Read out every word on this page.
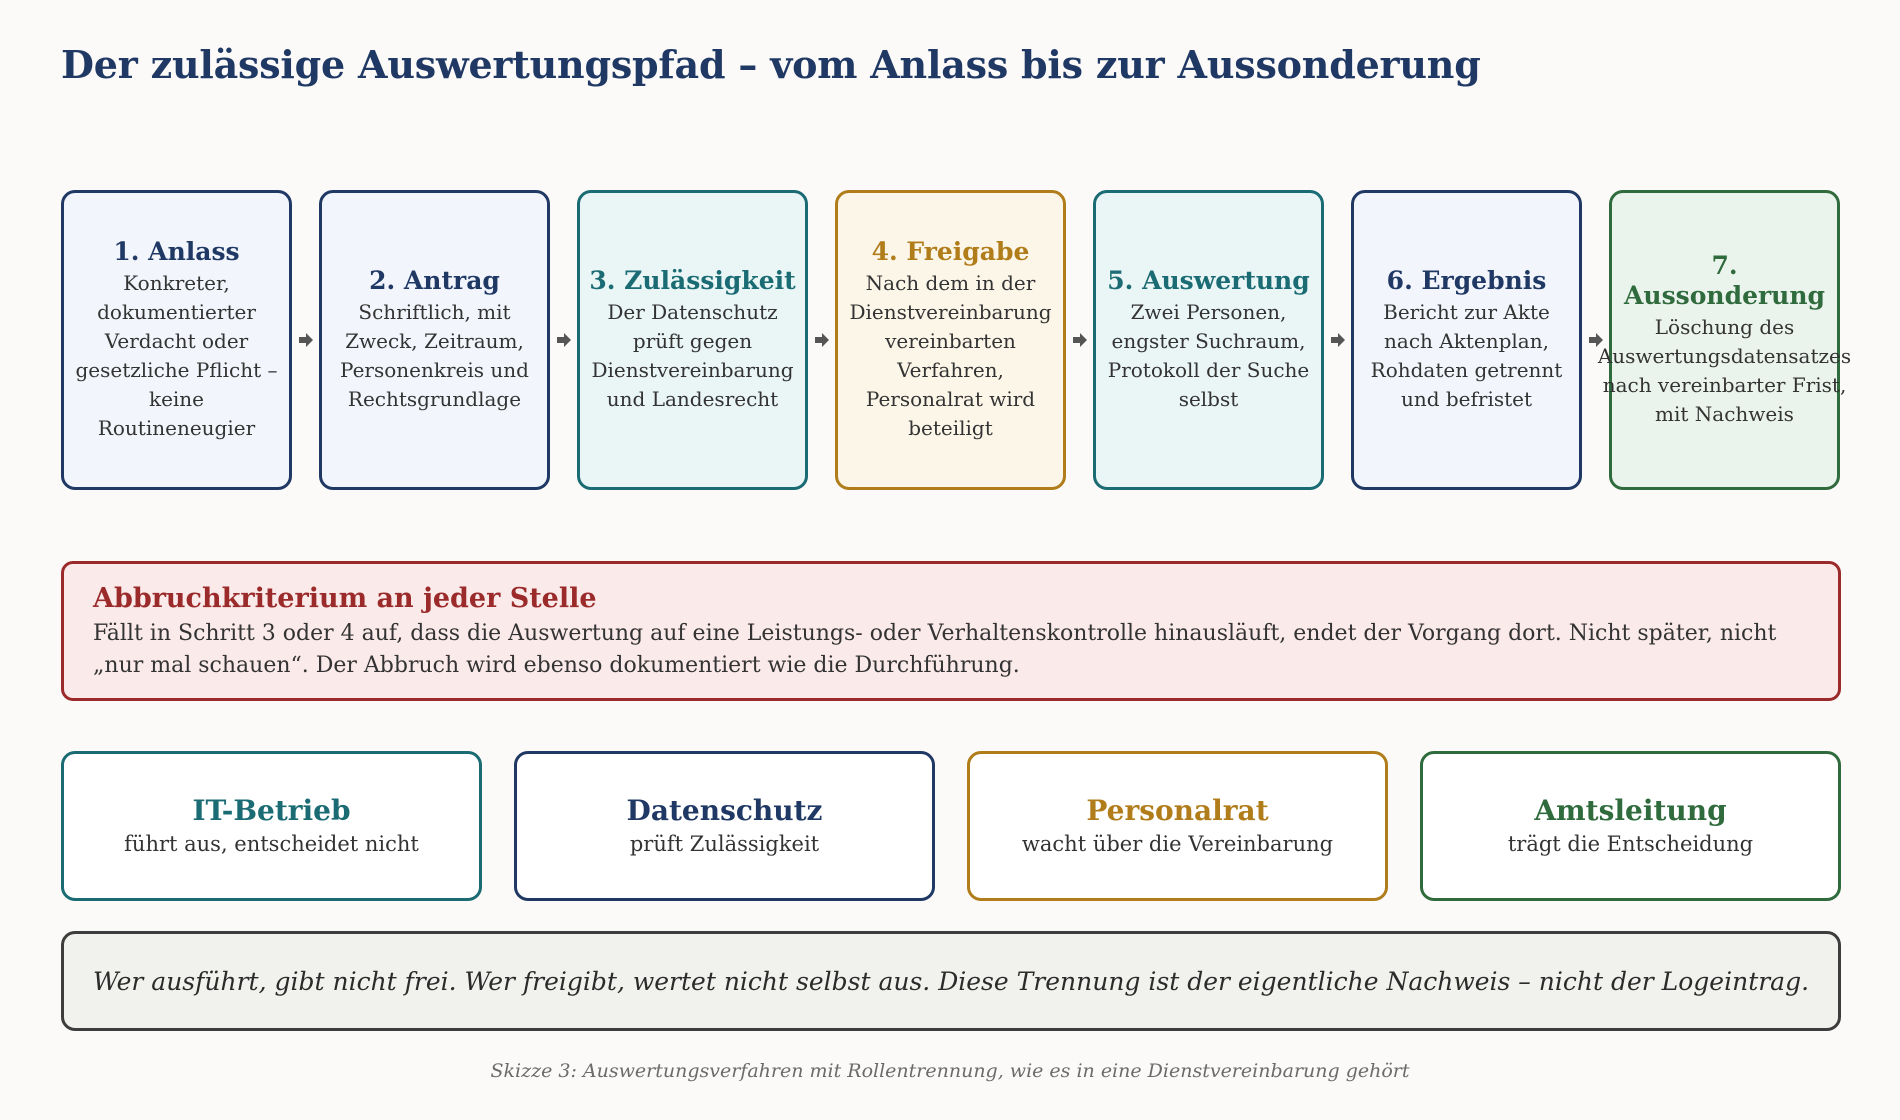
Der zulässige Auswertungspfad – vom Anlass bis zur Aussonderung
1. Anlass
Konkreter, dokumentierter Verdacht oder gesetzliche Pflicht – keine Routineneugier
2. Antrag
Schriftlich, mit Zweck, Zeitraum, Personenkreis und Rechtsgrundlage
3. Zulässigkeit
Der Datenschutz prüft gegen Dienstvereinbarung und Landesrecht
4. Freigabe
Nach dem in der Dienstvereinbarung vereinbarten Verfahren, Personalrat wird beteiligt
5. Auswertung
Zwei Personen, engster Suchraum, Protokoll der Suche selbst
6. Ergebnis
Bericht zur Akte nach Aktenplan, Rohdaten getrennt und befristet
7. Aussonderung
Löschung des Auswertungsdatensatzes nach vereinbarter Frist, mit Nachweis
Abbruchkriterium an jeder Stelle
Fällt in Schritt 3 oder 4 auf, dass die Auswertung auf eine Leistungs- oder Verhaltenskontrolle hinausläuft, endet der Vorgang dort. Nicht später, nicht „nur mal schauen“. Der Abbruch wird ebenso dokumentiert wie die Durchführung.
IT-Betrieb
führt aus, entscheidet nicht
Datenschutz
prüft Zulässigkeit
Personalrat
wacht über die Vereinbarung
Amtsleitung
trägt die Entscheidung
Wer ausführt, gibt nicht frei. Wer freigibt, wertet nicht selbst aus. Diese Trennung ist der eigentliche Nachweis – nicht der Logeintrag.
Skizze 3: Auswertungsverfahren mit Rollentrennung, wie es in eine Dienstvereinbarung gehört
